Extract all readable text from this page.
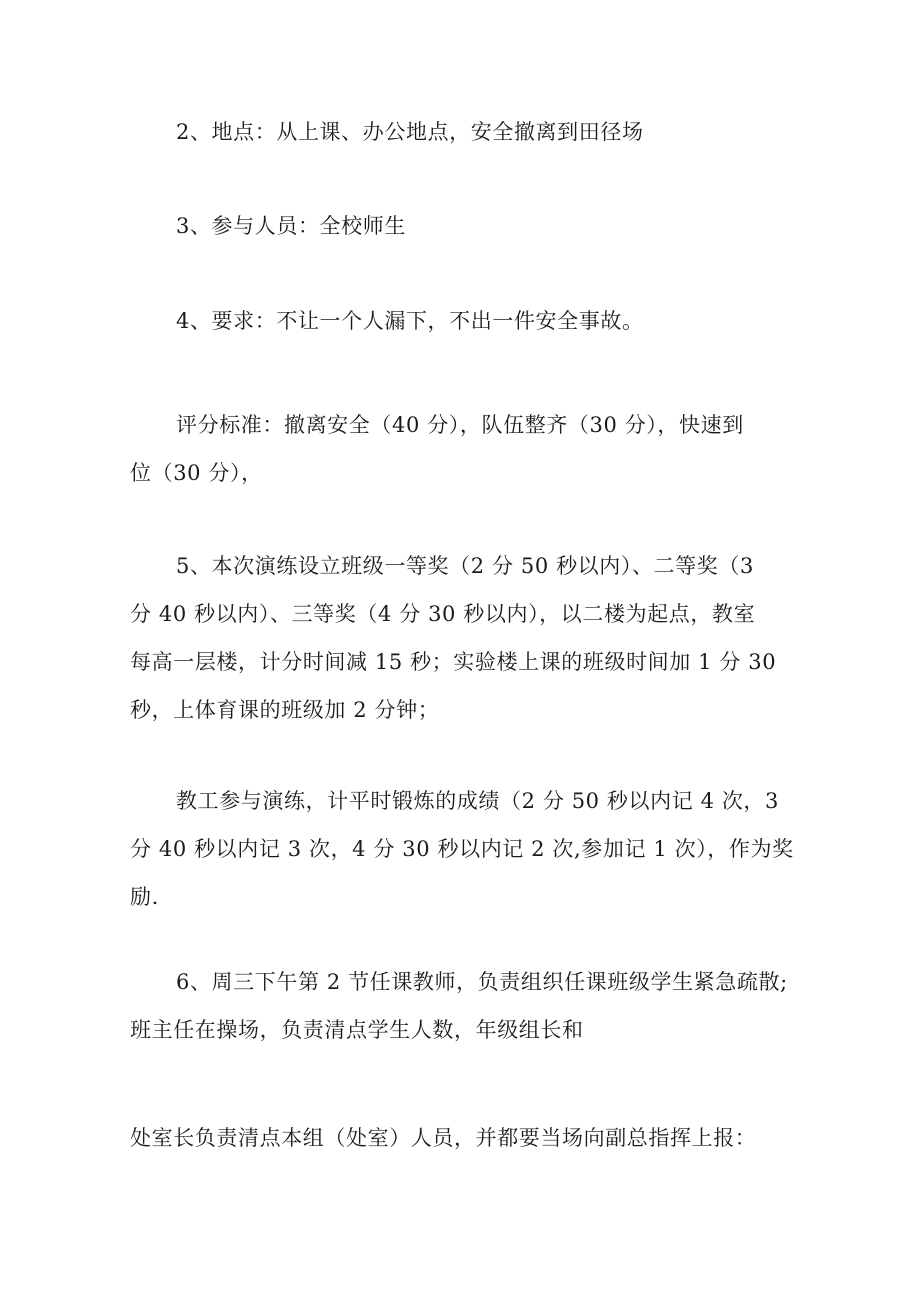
2、地点：从上课、办公地点，安全撤离到田径场

3、参与人员：全校师生

4、要求：不让一个人漏下，不出一件安全事故。

评分标准：撤离安全（40 分），队伍整齐（30 分），快速到
位（30 分），

5、本次演练设立班级一等奖（2 分 50 秒以内）、二等奖（3
分 40 秒以内）、三等奖（4 分 30 秒以内），以二楼为起点，教室
每高一层楼，计分时间减 15 秒；实验楼上课的班级时间加 1 分 30
秒，上体育课的班级加 2 分钟；

教工参与演练，计平时锻炼的成绩（2 分 50 秒以内记 4 次，3
分 40 秒以内记 3 次，4 分 30 秒以内记 2 次,参加记 1 次），作为奖
励.

6、周三下午第 2 节任课教师，负责组织任课班级学生紧急疏散;
班主任在操场，负责清点学生人数，年级组长和

处室长负责清点本组（处室）人员，并都要当场向副总指挥上报：
